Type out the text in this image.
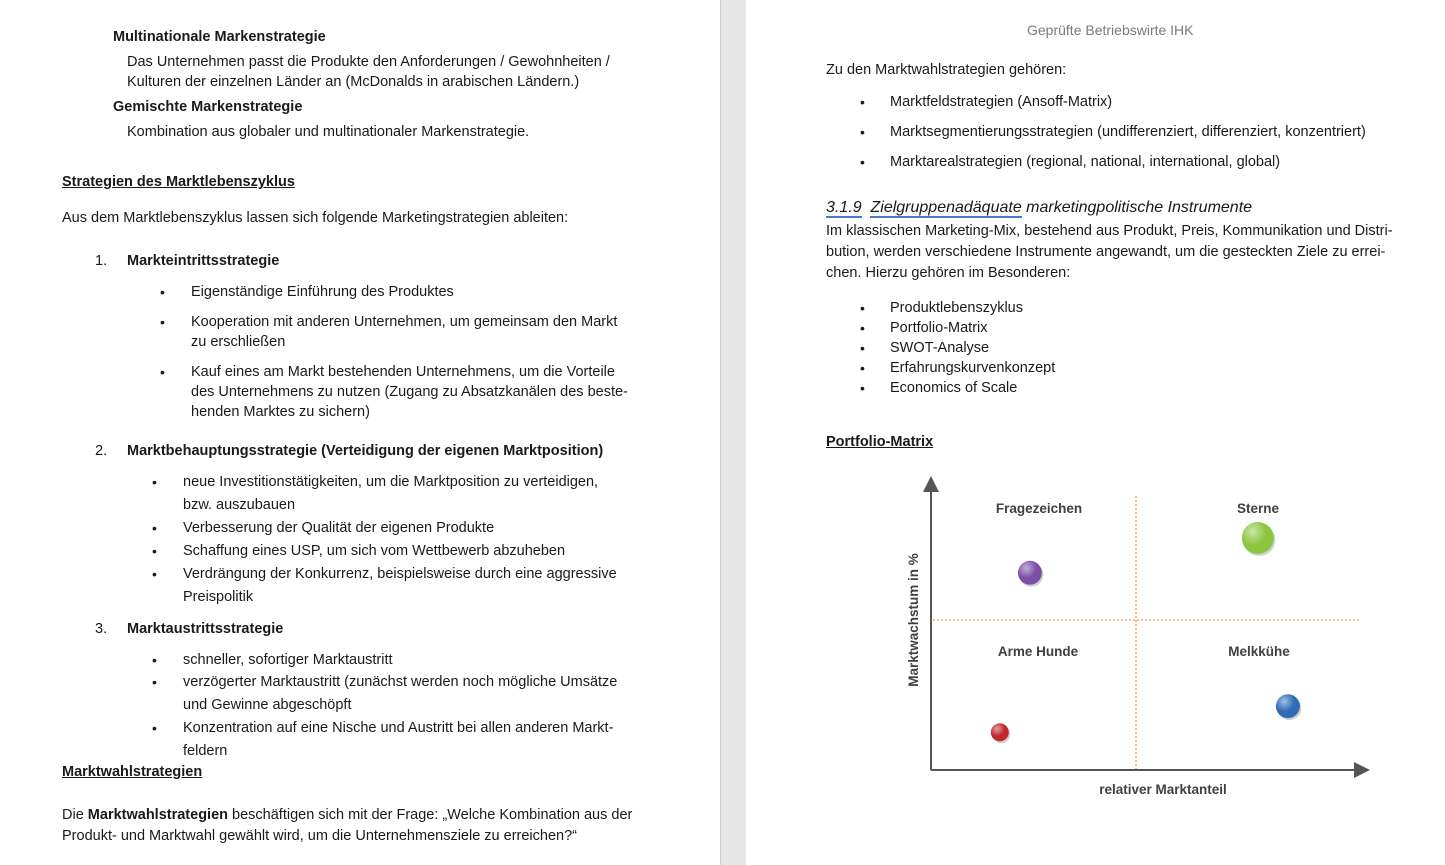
Multinationale Markenstrategie
Das Unternehmen passt die Produkte den Anforderungen / Gewohnheiten /
Kulturen der einzelnen Länder an (McDonalds in arabischen Ländern.)
Gemischte Markenstrategie
Kombination aus globaler und multinationaler Markenstrategie.
Strategien des Marktlebenszyklus
Aus dem Marktlebenszyklus lassen sich folgende Marketingstrategien ableiten:
1. Markteintrittsstrategie
• Eigenständige Einführung des Produktes
• Kooperation mit anderen Unternehmen, um gemeinsam den Markt
zu erschließen
• Kauf eines am Markt bestehenden Unternehmens, um die Vorteile
des Unternehmens zu nutzen (Zugang zu Absatzkanälen des beste-
henden Marktes zu sichern)
2. Marktbehauptungsstrategie (Verteidigung der eigenen Marktposition)
• neue Investitionstätigkeiten, um die Marktposition zu verteidigen,
bzw. auszubauen
• Verbesserung der Qualität der eigenen Produkte
• Schaffung eines USP, um sich vom Wettbewerb abzuheben
• Verdrängung der Konkurrenz, beispielsweise durch eine aggressive
Preispolitik
3. Marktaustrittsstrategie
• schneller, sofortiger Marktaustritt
• verzögerter Marktaustritt (zunächst werden noch mögliche Umsätze
und Gewinne abgeschöpft
• Konzentration auf eine Nische und Austritt bei allen anderen Markt-
feldern
Marktwahlstrategien
Die Marktwahlstrategien beschäftigen sich mit der Frage: „Welche Kombination aus der
Produkt- und Marktwahl gewählt wird, um die Unternehmensziele zu erreichen?“
Geprüfte Betriebswirte IHK
Zu den Marktwahlstrategien gehören:
• Marktfeldstrategien (Ansoff-Matrix)
• Marktsegmentierungsstrategien (undifferenziert, differenziert, konzentriert)
• Marktarealstrategien (regional, national, international, global)
3.1.9 Zielgruppenadäquate marketingpolitische Instrumente
Im klassischen Marketing-Mix, bestehend aus Produkt, Preis, Kommunikation und Distri-
bution, werden verschiedene Instrumente angewandt, um die gesteckten Ziele zu errei-
chen. Hierzu gehören im Besonderen:
• Produktlebenszyklus
• Portfolio-Matrix
• SWOT-Analyse
• Erfahrungskurvenkonzept
• Economics of Scale
Portfolio-Matrix
Fragezeichen	Sterne
Arme Hunde	Melkkühe
relativer Marktanteil
Marktwachstum in %
